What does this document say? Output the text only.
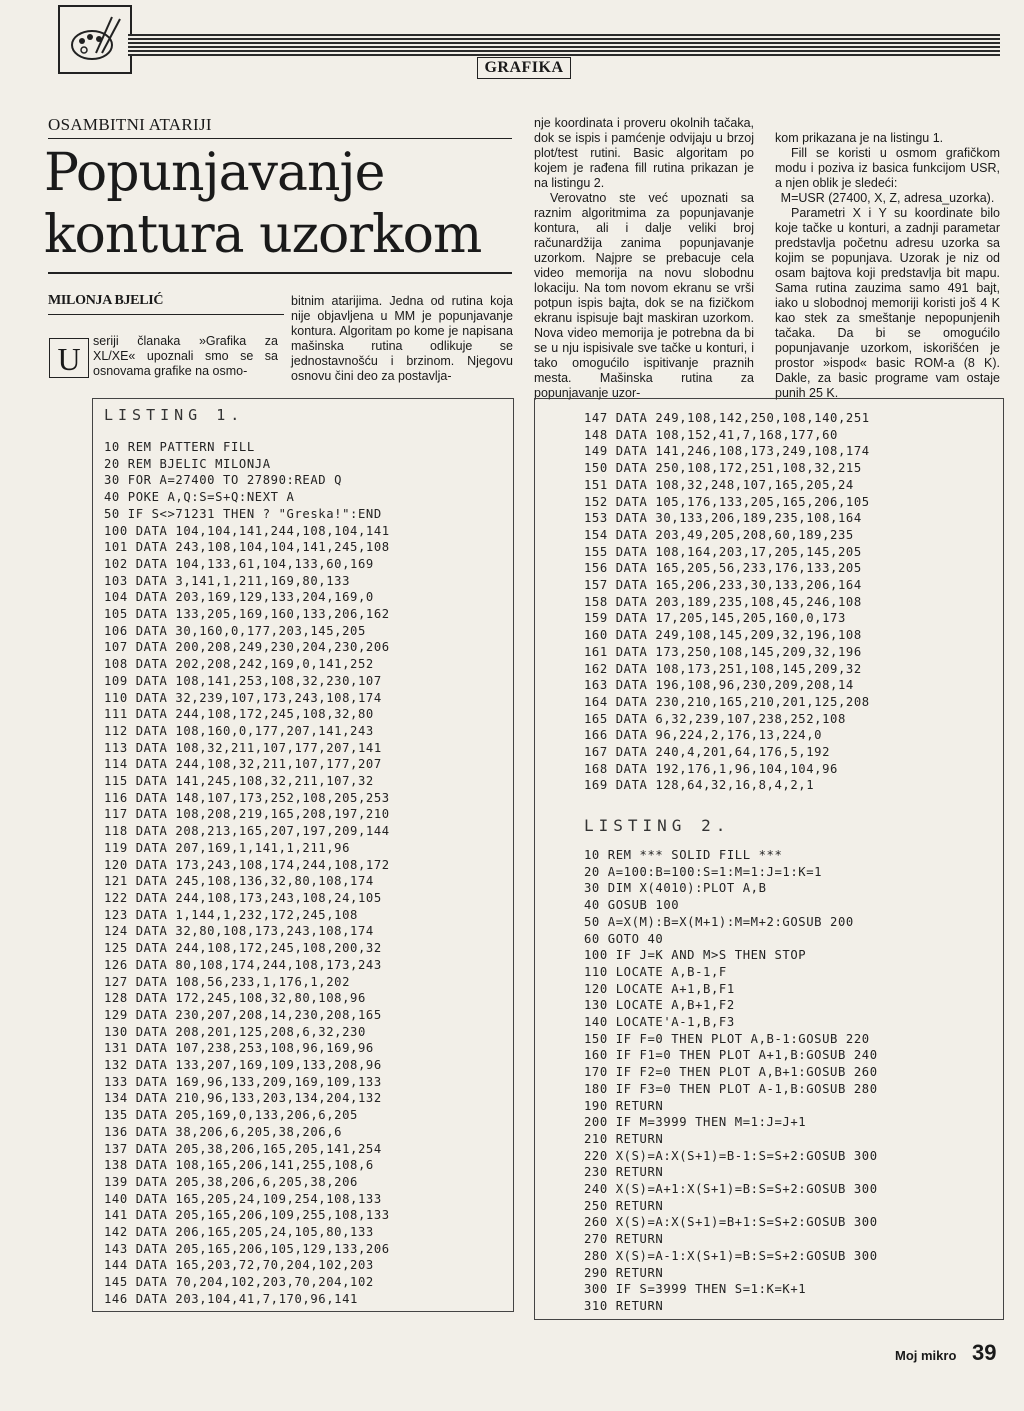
GRAFIKA
OSAMBITNI ATARIJI
Popunjavanje
kontura uzorkom
MILONJA BJELIĆ
U seriji članaka »Grafika za XL/XE« upoznali smo se sa osnovama grafike na osmo-
bitnim atarijima. Jedna od rutina koja nije objavljena u MM je popunjavanje kontura. Algoritam po kome je napisana mašinska rutina odlikuje se jednostavnošću i brzinom. Njegovu osnovu čini deo za postavlja-

nje koordinata i proveru okolnih tačaka, dok se ispis i pamćenje odvijaju u brzoj plot/test rutini. Basic algoritam po kojem je rađena fill rutina prikazan je na listingu 2.

Verovatno ste već upoznati sa raznim algoritmima za popunjavanje kontura, ali i dalje veliki broj računardžija zanima popunjavanje uzorkom. Najpre se prebacuje cela video memorija na novu slobodnu lokaciju. Na tom novom ekranu se vrši potpun ispis bajta, dok se na fizičkom ekranu ispisuje bajt maskiran uzorkom. Nova video memorija je potrebna da bi se u nju ispisivale sve tačke u konturi, i tako omogućilo ispitivanje praznih mesta. Mašinska rutina za popunjavanje uzor-

kom prikazana je na listingu 1.

Fill se koristi u osmom grafičkom modu i poziva iz basica funkcijom USR, a njen oblik je sledeći:

M=USR (27400, X, Z, adresa_uzorka).

Parametri X i Y su koordinate bilo koje tačke u konturi, a zadnji parametar predstavlja početnu adresu uzorka sa kojim se popunjava. Uzorak je niz od osam bajtova koji predstavlja bit mapu. Sama rutina zauzima samo 491 bajt, iako u slobodnoj memoriji koristi još 4 K kao stek za smeštanje nepopunjenih tačaka. Da bi se omogućilo popunjavanje uzorkom, iskorišćen je prostor »ispod« basic ROM-a (8 K). Dakle, za basic programe vam ostaje punih 25 K.

LISTING 1.
10 REM PATTERN FILL
20 REM BJELIC MILONJA
30 FOR A=27400 TO 27890:READ Q
40 POKE A,Q:S=S+Q:NEXT A
50 IF S<>71231 THEN ? "Greska!":END
100 DATA 104,104,141,244,108,104,141
101 DATA 243,108,104,104,141,245,108
102 DATA 104,133,61,104,133,60,169
103 DATA 3,141,1,211,169,80,133
104 DATA 203,169,129,133,204,169,0
105 DATA 133,205,169,160,133,206,162
106 DATA 30,160,0,177,203,145,205
107 DATA 200,208,249,230,204,230,206
108 DATA 202,208,242,169,0,141,252
109 DATA 108,141,253,108,32,230,107
110 DATA 32,239,107,173,243,108,174
111 DATA 244,108,172,245,108,32,80
112 DATA 108,160,0,177,207,141,243
113 DATA 108,32,211,107,177,207,141
114 DATA 244,108,32,211,107,177,207
115 DATA 141,245,108,32,211,107,32
116 DATA 148,107,173,252,108,205,253
117 DATA 108,208,219,165,208,197,210
118 DATA 208,213,165,207,197,209,144
119 DATA 207,169,1,141,1,211,96
120 DATA 173,243,108,174,244,108,172
121 DATA 245,108,136,32,80,108,174
122 DATA 244,108,173,243,108,24,105
123 DATA 1,144,1,232,172,245,108
124 DATA 32,80,108,173,243,108,174
125 DATA 244,108,172,245,108,200,32
126 DATA 80,108,174,244,108,173,243
127 DATA 108,56,233,1,176,1,202
128 DATA 172,245,108,32,80,108,96
129 DATA 230,207,208,14,230,208,165
130 DATA 208,201,125,208,6,32,230
131 DATA 107,238,253,108,96,169,96
132 DATA 133,207,169,109,133,208,96
133 DATA 169,96,133,209,169,109,133
134 DATA 210,96,133,203,134,204,132
135 DATA 205,169,0,133,206,6,205
136 DATA 38,206,6,205,38,206,6
137 DATA 205,38,206,165,205,141,254
138 DATA 108,165,206,141,255,108,6
139 DATA 205,38,206,6,205,38,206
140 DATA 165,205,24,109,254,108,133
141 DATA 205,165,206,109,255,108,133
142 DATA 206,165,205,24,105,80,133
143 DATA 205,165,206,105,129,133,206
144 DATA 165,203,72,70,204,102,203
145 DATA 70,204,102,203,70,204,102
146 DATA 203,104,41,7,170,96,141
147 DATA 249,108,142,250,108,140,251
148 DATA 108,152,41,7,168,177,60
149 DATA 141,246,108,173,249,108,174
150 DATA 250,108,172,251,108,32,215
151 DATA 108,32,248,107,165,205,24
152 DATA 105,176,133,205,165,206,105
153 DATA 30,133,206,189,235,108,164
154 DATA 203,49,205,208,60,189,235
155 DATA 108,164,203,17,205,145,205
156 DATA 165,205,56,233,176,133,205
157 DATA 165,206,233,30,133,206,164
158 DATA 203,189,235,108,45,246,108
159 DATA 17,205,145,205,160,0,173
160 DATA 249,108,145,209,32,196,108
161 DATA 173,250,108,145,209,32,196
162 DATA 108,173,251,108,145,209,32
163 DATA 196,108,96,230,209,208,14
164 DATA 230,210,165,210,201,125,208
165 DATA 6,32,239,107,238,252,108
166 DATA 96,224,2,176,13,224,0
167 DATA 240,4,201,64,176,5,192
168 DATA 192,176,1,96,104,104,96
169 DATA 128,64,32,16,8,4,2,1
LISTING 2.
10 REM *** SOLID FILL ***
20 A=100:B=100:S=1:M=1:J=1:K=1
30 DIM X(4010):PLOT A,B
40 GOSUB 100
50 A=X(M):B=X(M+1):M=M+2:GOSUB 200
60 GOTO 40
100 IF J=K AND M>S THEN STOP
110 LOCATE A,B-1,F
120 LOCATE A+1,B,F1
130 LOCATE A,B+1,F2
140 LOCATE'A-1,B,F3
150 IF F=0 THEN PLOT A,B-1:GOSUB 220
160 IF F1=0 THEN PLOT A+1,B:GOSUB 240
170 IF F2=0 THEN PLOT A,B+1:GOSUB 260
180 IF F3=0 THEN PLOT A-1,B:GOSUB 280
190 RETURN
200 IF M=3999 THEN M=1:J=J+1
210 RETURN
220 X(S)=A:X(S+1)=B-1:S=S+2:GOSUB 300
230 RETURN
240 X(S)=A+1:X(S+1)=B:S=S+2:GOSUB 300
250 RETURN
260 X(S)=A:X(S+1)=B+1:S=S+2:GOSUB 300
270 RETURN
280 X(S)=A-1:X(S+1)=B:S=S+2:GOSUB 300
290 RETURN
300 IF S=3999 THEN S=1:K=K+1
310 RETURN
Moj mikro 39
